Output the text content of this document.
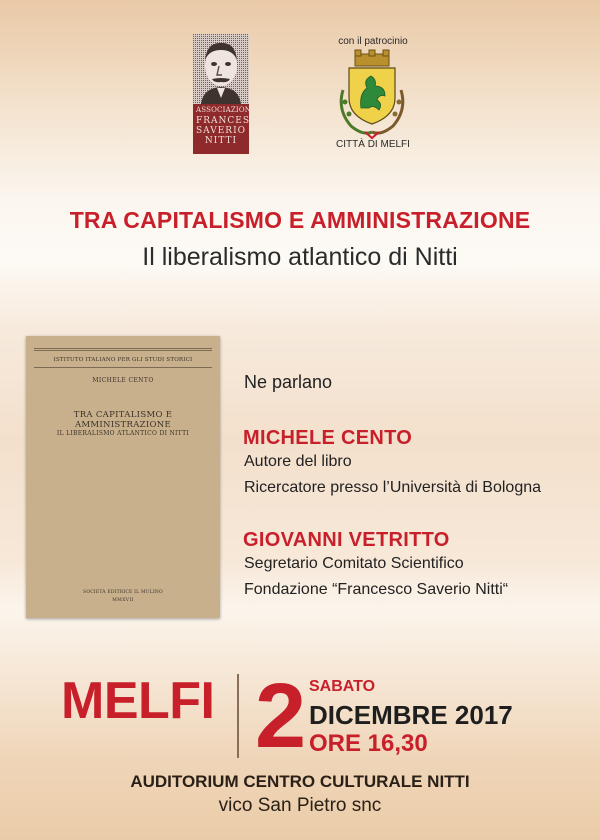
ASSOCIAZIONE
FRANCESCO
SAVERIO
NITTI
con il patrocinio
CITTÀ DI MELFI
TRA CAPITALISMO E AMMINISTRAZIONE
Il liberalismo atlantico di Nitti
ISTITUTO ITALIANO PER GLI STUDI STORICI
MICHELE CENTO
TRA CAPITALISMO E AMMINISTRAZIONE
IL LIBERALISMO ATLANTICO DI NITTI
SOCIETÀ EDITRICE IL MULINO
MMXVII
Ne parlano
MICHELE CENTO
Autore del libro
Ricercatore presso l’Università di Bologna
GIOVANNI VETRITTO
Segretario Comitato Scientifico
Fondazione “Francesco Saverio Nitti“
MELFI 2 SABATO
DICEMBRE 2017
ORE 16,30
AUDITORIUM CENTRO CULTURALE NITTI
vico San Pietro snc
